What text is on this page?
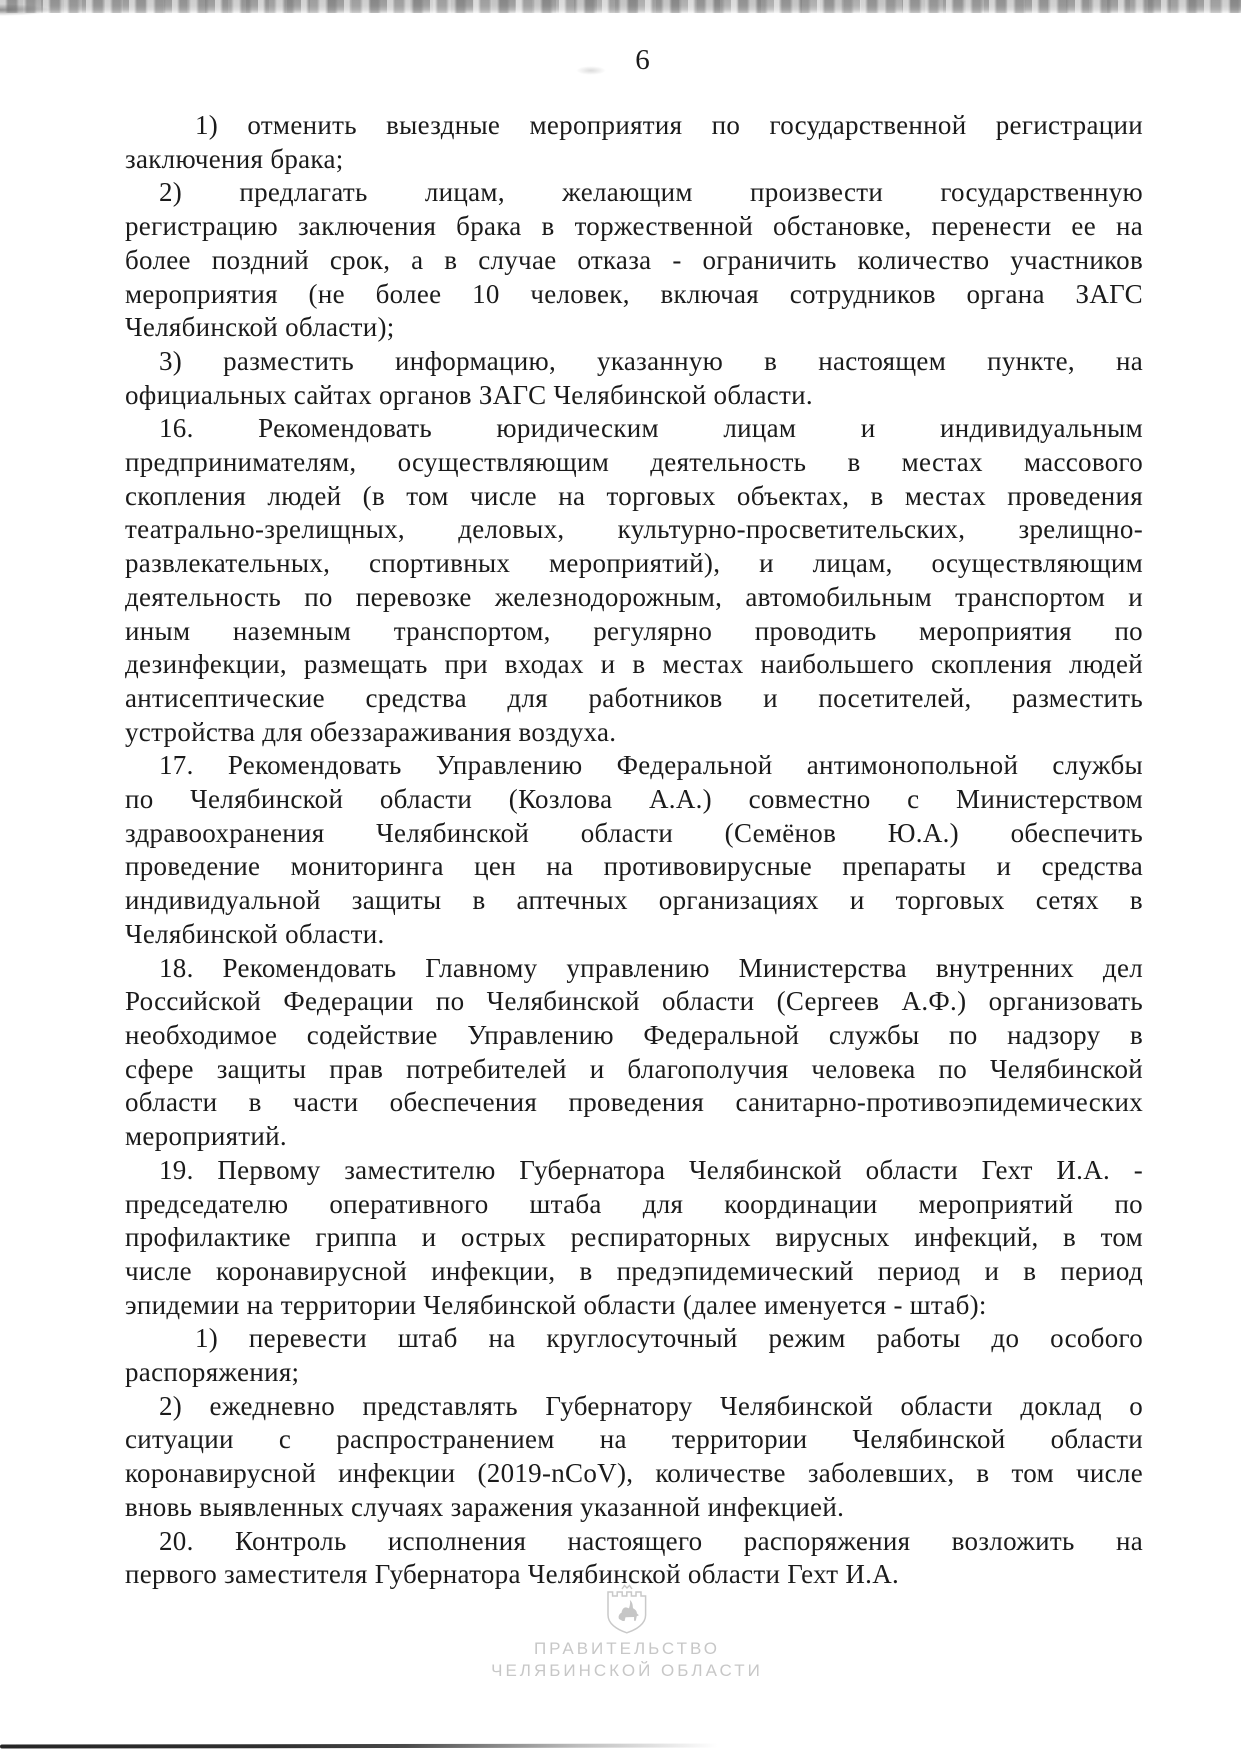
6
1) отменить выездные мероприятия по государственной регистрации
заключения брака;
2) предлагать лицам, желающим произвести государственную
регистрацию заключения брака в торжественной обстановке, перенести ее на
более поздний срок, а в случае отказа - ограничить количество участников
мероприятия (не более 10 человек, включая сотрудников органа ЗАГС
Челябинской области);
3) разместить информацию, указанную в настоящем пункте, на
официальных сайтах органов ЗАГС Челябинской области.
16. Рекомендовать юридическим лицам и индивидуальным
предпринимателям, осуществляющим деятельность в местах массового
скопления людей (в том числе на торговых объектах, в местах проведения
театрально-зрелищных, деловых, культурно-просветительских, зрелищно-
развлекательных, спортивных мероприятий), и лицам, осуществляющим
деятельность по перевозке железнодорожным, автомобильным транспортом и
иным наземным транспортом, регулярно проводить мероприятия по
дезинфекции, размещать при входах и в местах наибольшего скопления людей
антисептические средства для работников и посетителей, разместить
устройства для обеззараживания воздуха.
17. Рекомендовать Управлению Федеральной антимонопольной службы
по Челябинской области (Козлова А.А.) совместно с Министерством
здравоохранения Челябинской области (Семёнов Ю.А.) обеспечить
проведение мониторинга цен на противовирусные препараты и средства
индивидуальной защиты в аптечных организациях и торговых сетях в
Челябинской области.
18. Рекомендовать Главному управлению Министерства внутренних дел
Российской Федерации по Челябинской области (Сергеев А.Ф.) организовать
необходимое содействие Управлению Федеральной службы по надзору в
сфере защиты прав потребителей и благополучия человека по Челябинской
области в части обеспечения проведения санитарно-противоэпидемических
мероприятий.
19. Первому заместителю Губернатора Челябинской области Гехт И.А. -
председателю оперативного штаба для координации мероприятий по
профилактике гриппа и острых респираторных вирусных инфекций, в том
числе коронавирусной инфекции, в предэпидемический период и в период
эпидемии на территории Челябинской области (далее именуется - штаб):
1) перевести штаб на круглосуточный режим работы до особого
распоряжения;
2) ежедневно представлять Губернатору Челябинской области доклад о
ситуации с распространением на территории Челябинской области
коронавирусной инфекции (2019-nCoV), количестве заболевших, в том числе
вновь выявленных случаях заражения указанной инфекцией.
20. Контроль исполнения настоящего распоряжения возложить на
первого заместителя Губернатора Челябинской области Гехт И.А.
ПРАВИТЕЛЬСТВО
ЧЕЛЯБИНСКОЙ ОБЛАСТИ
